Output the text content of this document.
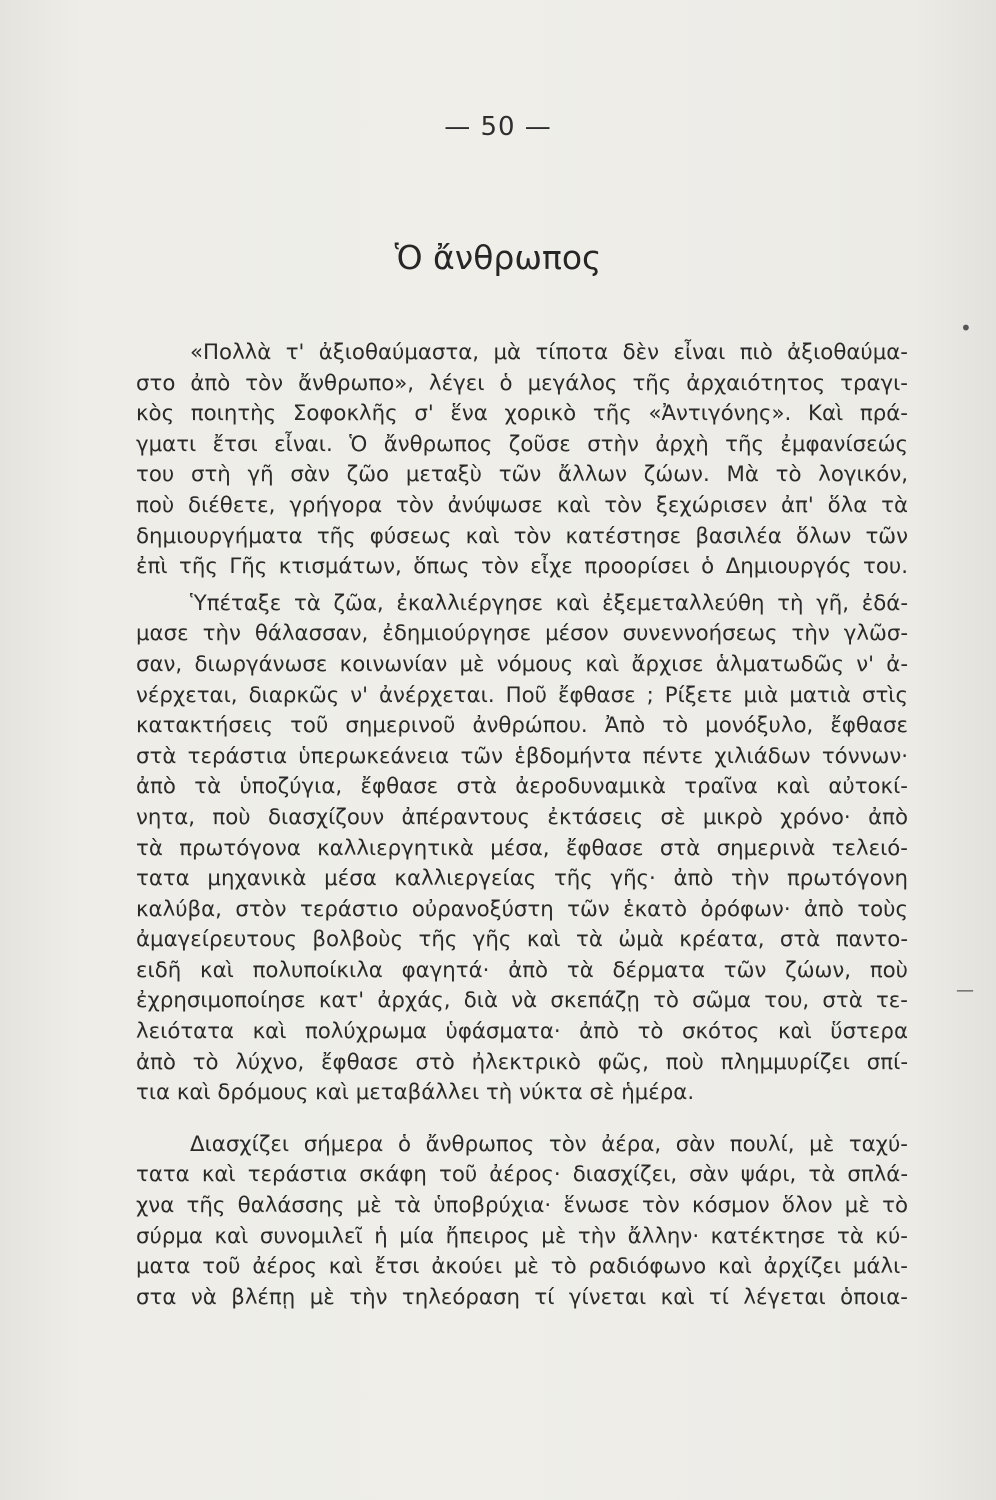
— 50 —
Ὁ ἄνθρωπος

«Πολλὰ τ' ἀξιοθαύμαστα, μὰ τίποτα δὲν εἶναι πιὸ ἀξιοθαύμα-
στο ἀπὸ τὸν ἄνθρωπο», λέγει ὁ μεγάλος τῆς ἀρχαιότητος τραγι-
κὸς ποιητὴς Σοφοκλῆς σ' ἕνα χορικὸ τῆς «Ἀντιγόνης». Καὶ πρά-
γματι ἔτσι εἶναι. Ὁ ἄνθρωπος ζοῦσε στὴν ἀρχὴ τῆς ἐμφανίσεώς
του στὴ γῆ σὰν ζῶο μεταξὺ τῶν ἄλλων ζώων. Μὰ τὸ λογικόν,
ποὺ διέθετε, γρήγορα τὸν ἀνύψωσε καὶ τὸν ξεχώρισεν ἀπ' ὅλα τὰ
δημιουργήματα τῆς φύσεως καὶ τὸν κατέστησε βασιλέα ὅλων τῶν
ἐπὶ τῆς Γῆς κτισμάτων, ὅπως τὸν εἶχε προορίσει ὁ Δημιουργός του.

Ὑπέταξε τὰ ζῶα, ἐκαλλιέργησε καὶ ἐξεμεταλλεύθη τὴ γῆ, ἐδά-
μασε τὴν θάλασσαν, ἐδημιούργησε μέσον συνεννοήσεως τὴν γλῶσ-
σαν, διωργάνωσε κοινωνίαν μὲ νόμους καὶ ἄρχισε ἁλματωδῶς ν' ἀ-
νέρχεται, διαρκῶς ν' ἀνέρχεται. Ποῦ ἔφθασε ; Ρίξετε μιὰ ματιὰ στὶς
κατακτήσεις τοῦ σημερινοῦ ἀνθρώπου. Ἀπὸ τὸ μονόξυλο, ἔφθασε
στὰ τεράστια ὑπερωκεάνεια τῶν ἑβδομήντα πέντε χιλιάδων τόννων·
ἀπὸ τὰ ὑποζύγια, ἔφθασε στὰ ἀεροδυναμικὰ τραῖνα καὶ αὐτοκί-
νητα, ποὺ διασχίζουν ἀπέραντους ἐκτάσεις σὲ μικρὸ χρόνο· ἀπὸ
τὰ πρωτόγονα καλλιεργητικὰ μέσα, ἔφθασε στὰ σημερινὰ τελειό-
τατα μηχανικὰ μέσα καλλιεργείας τῆς γῆς· ἀπὸ τὴν πρωτόγονη
καλύβα, στὸν τεράστιο οὐρανοξύστη τῶν ἑκατὸ ὀρόφων· ἀπὸ τοὺς
ἀμαγείρευτους βολβοὺς τῆς γῆς καὶ τὰ ὠμὰ κρέατα, στὰ παντο-
ειδῆ καὶ πολυποίκιλα φαγητά· ἀπὸ τὰ δέρματα τῶν ζώων, ποὺ
ἐχρησιμοποίησε κατ' ἀρχάς, διὰ νὰ σκεπάζῃ τὸ σῶμα του, στὰ τε-
λειότατα καὶ πολύχρωμα ὑφάσματα· ἀπὸ τὸ σκότος καὶ ὕστερα
ἀπὸ τὸ λύχνο, ἔφθασε στὸ ἠλεκτρικὸ φῶς, ποὺ πλημμυρίζει σπί-
τια καὶ δρόμους καὶ μεταβάλλει τὴ νύκτα σὲ ἡμέρα.

Διασχίζει σήμερα ὁ ἄνθρωπος τὸν ἀέρα, σὰν πουλί, μὲ ταχύ-
τατα καὶ τεράστια σκάφη τοῦ ἀέρος· διασχίζει, σὰν ψάρι, τὰ σπλά-
χνα τῆς θαλάσσης μὲ τὰ ὑποβρύχια· ἕνωσε τὸν κόσμον ὅλον μὲ τὸ
σύρμα καὶ συνομιλεῖ ἡ μία ἤπειρος μὲ τὴν ἄλλην· κατέκτησε τὰ κύ-
ματα τοῦ ἀέρος καὶ ἔτσι ἀκούει μὲ τὸ ραδιόφωνο καὶ ἀρχίζει μάλι-
στα νὰ βλέπῃ μὲ τὴν τηλεόραση τί γίνεται καὶ τί λέγεται ὁποια-

•
—
